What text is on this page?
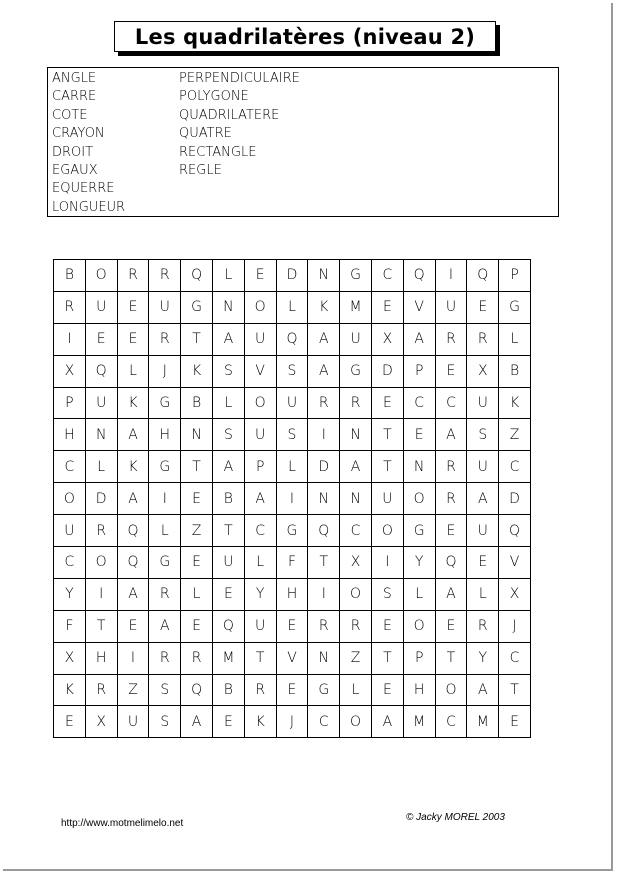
Les quadrilatères (niveau 2)
ANGLE
CARRE
COTE
CRAYON
DROIT
EGAUX
EQUERRE
LONGUEUR
PERPENDICULAIRE
POLYGONE
QUADRILATERE
QUATRE
RECTANGLE
REGLE
B	O	R	R	Q	L	E	D	N	G	C	Q	I	Q	P
R	U	E	U	G	N	O	L	K	M	E	V	U	E	G
I	E	E	R	T	A	U	Q	A	U	X	A	R	R	L
X	Q	L	J	K	S	V	S	A	G	D	P	E	X	B
P	U	K	G	B	L	O	U	R	R	E	C	C	U	K
H	N	A	H	N	S	U	S	I	N	T	E	A	S	Z
C	L	K	G	T	A	P	L	D	A	T	N	R	U	C
O	D	A	I	E	B	A	I	N	N	U	O	R	A	D
U	R	Q	L	Z	T	C	G	Q	C	O	G	E	U	Q
C	O	Q	G	E	U	L	F	T	X	I	Y	Q	E	V
Y	I	A	R	L	E	Y	H	I	O	S	L	A	L	X
F	T	E	A	E	Q	U	E	R	R	E	O	E	R	J
X	H	I	R	R	M	T	V	N	Z	T	P	T	Y	C
K	R	Z	S	Q	B	R	E	G	L	E	H	O	A	T
E	X	U	S	A	E	K	J	C	O	A	M	C	M	E
http://www.motmelimelo.net
© Jacky MOREL 2003
